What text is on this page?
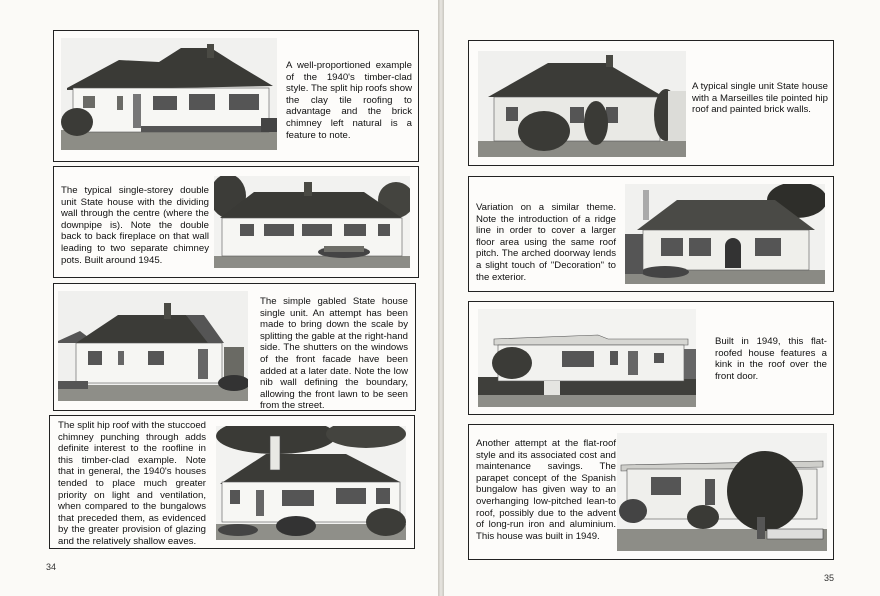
A well-proportioned example of the 1940's timber-clad style. The split hip roofs show the clay tile roofing to advantage and the brick chimney left natural is a feature to note.
The typical single-storey double unit State house with the dividing wall through the centre (where the downpipe is). Note the double back to back fireplace on that wall leading to two separate chimney pots. Built around 1945.
The simple gabled State house single unit. An attempt has been made to bring down the scale by splitting the gable at the right-hand side. The shutters on the windows of the front facade have been added at a later date. Note the low nib wall defining the boundary, allowing the front lawn to be seen from the street.
The split hip roof with the stuccoed chimney punching through adds definite interest to the roofline in this timber-clad example. Note that in general, the 1940's houses tended to place much greater priority on light and ventilation, when compared to the bungalows that preceded them, as evidenced by the greater provision of glazing and the relatively shallow eaves.
34
A typical single unit State house with a Marseilles tile pointed hip roof and painted brick walls.
Variation on a similar theme. Note the introduction of a ridge line in order to cover a larger floor area using the same roof pitch. The arched doorway lends a slight touch of "Decoration" to the exterior.
Built in 1949, this flat-roofed house features a kink in the roof over the front door.
Another attempt at the flat-roof style and its associated cost and maintenance savings. The parapet concept of the Spanish bungalow has given way to an overhanging low-pitched lean-to roof, possibly due to the advent of long-run iron and aluminium. This house was built in 1949.
35
